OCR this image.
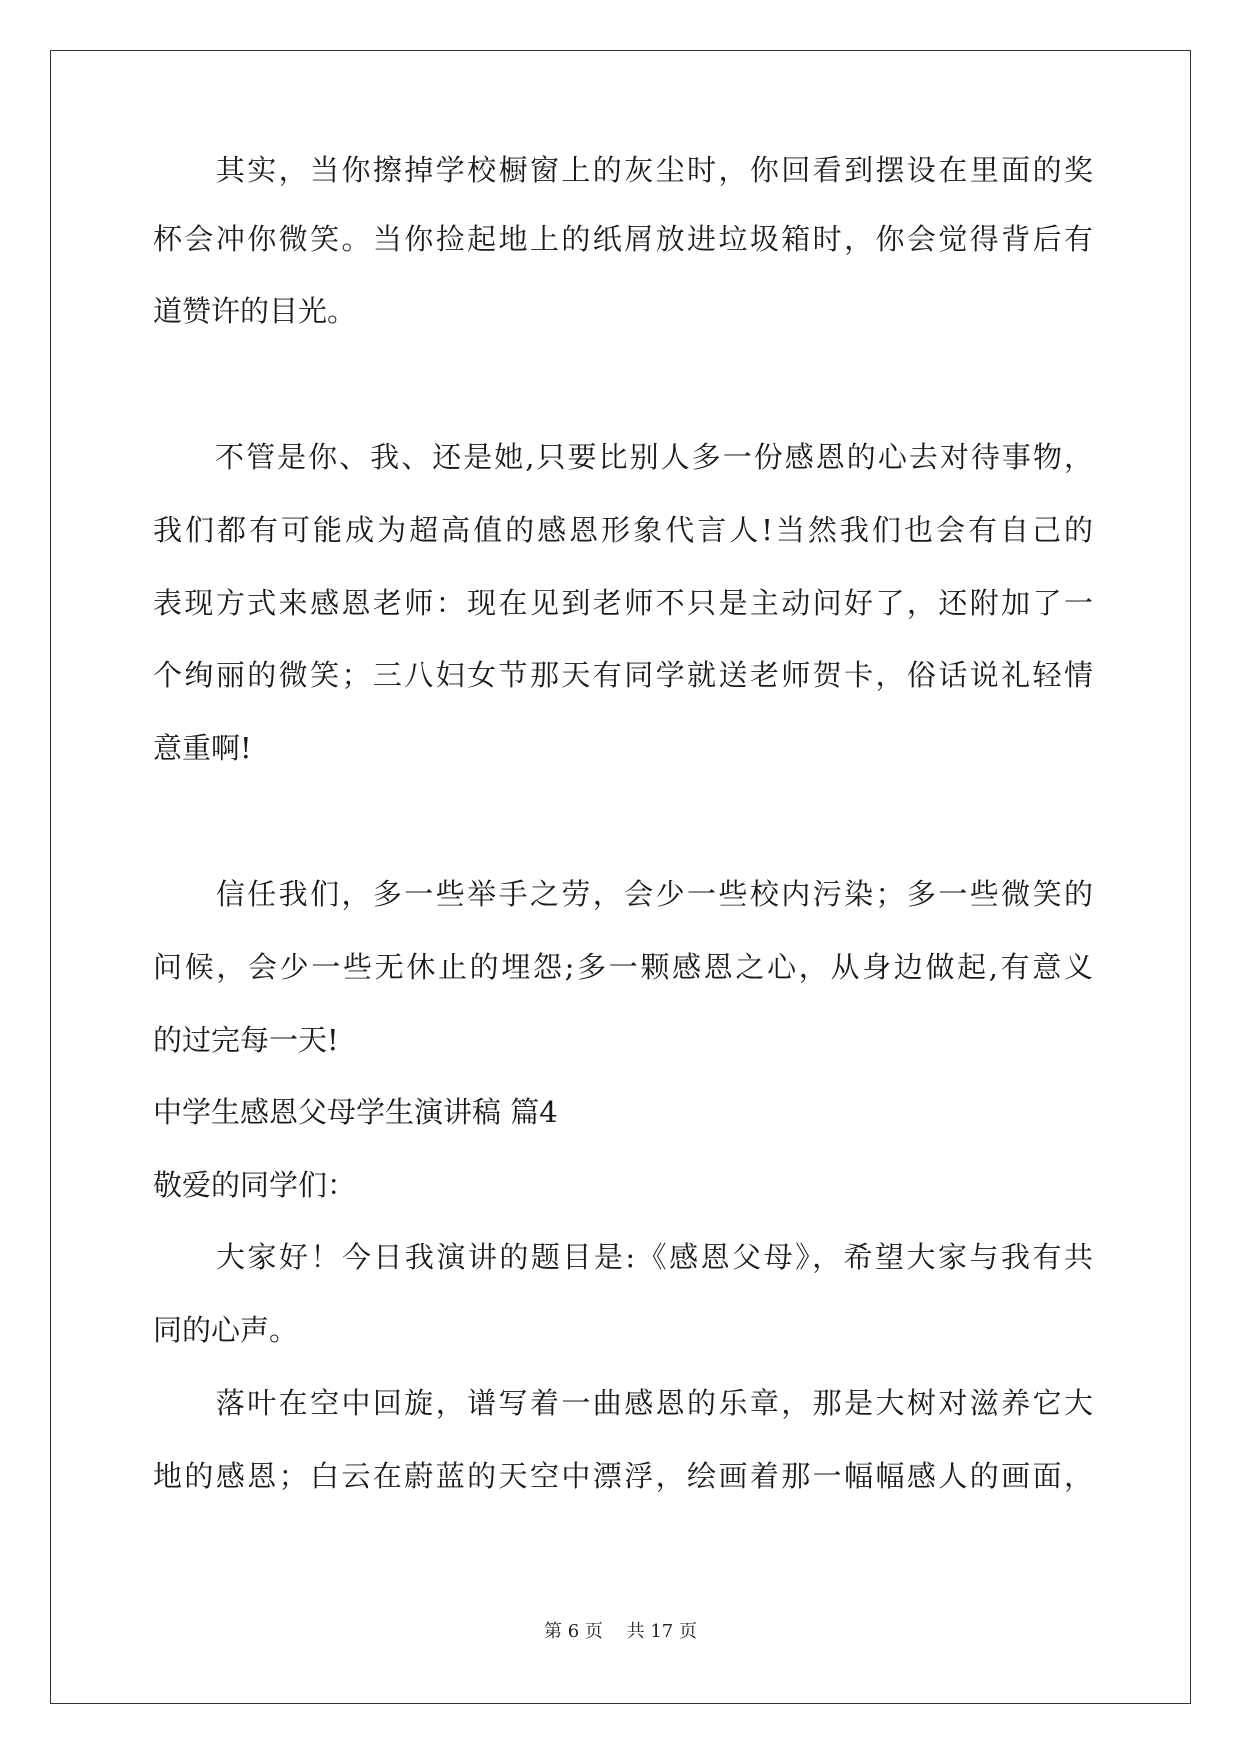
　　其实，当你擦掉学校橱窗上的灰尘时，你回看到摆设在里面的奖
杯会冲你微笑。当你捡起地上的纸屑放进垃圾箱时，你会觉得背后有
道赞许的目光。
　　不管是你、我、还是她,只要比别人多一份感恩的心去对待事物，
我们都有可能成为超高值的感恩形象代言人!当然我们也会有自己的
表现方式来感恩老师：现在见到老师不只是主动问好了，还附加了一
个绚丽的微笑；三八妇女节那天有同学就送老师贺卡，俗话说礼轻情
意重啊!
　　信任我们，多一些举手之劳，会少一些校内污染；多一些微笑的
问候，会少一些无休止的埋怨;多一颗感恩之心，从身边做起,有意义
的过完每一天!
中学生感恩父母学生演讲稿 篇4
敬爱的同学们：
　　大家好！今日我演讲的题目是:《感恩父母》，希望大家与我有共
同的心声。
　　落叶在空中回旋，谱写着一曲感恩的乐章，那是大树对滋养它大
地的感恩；白云在蔚蓝的天空中漂浮，绘画着那一幅幅感人的画面，
第 6 页　 共 17 页
